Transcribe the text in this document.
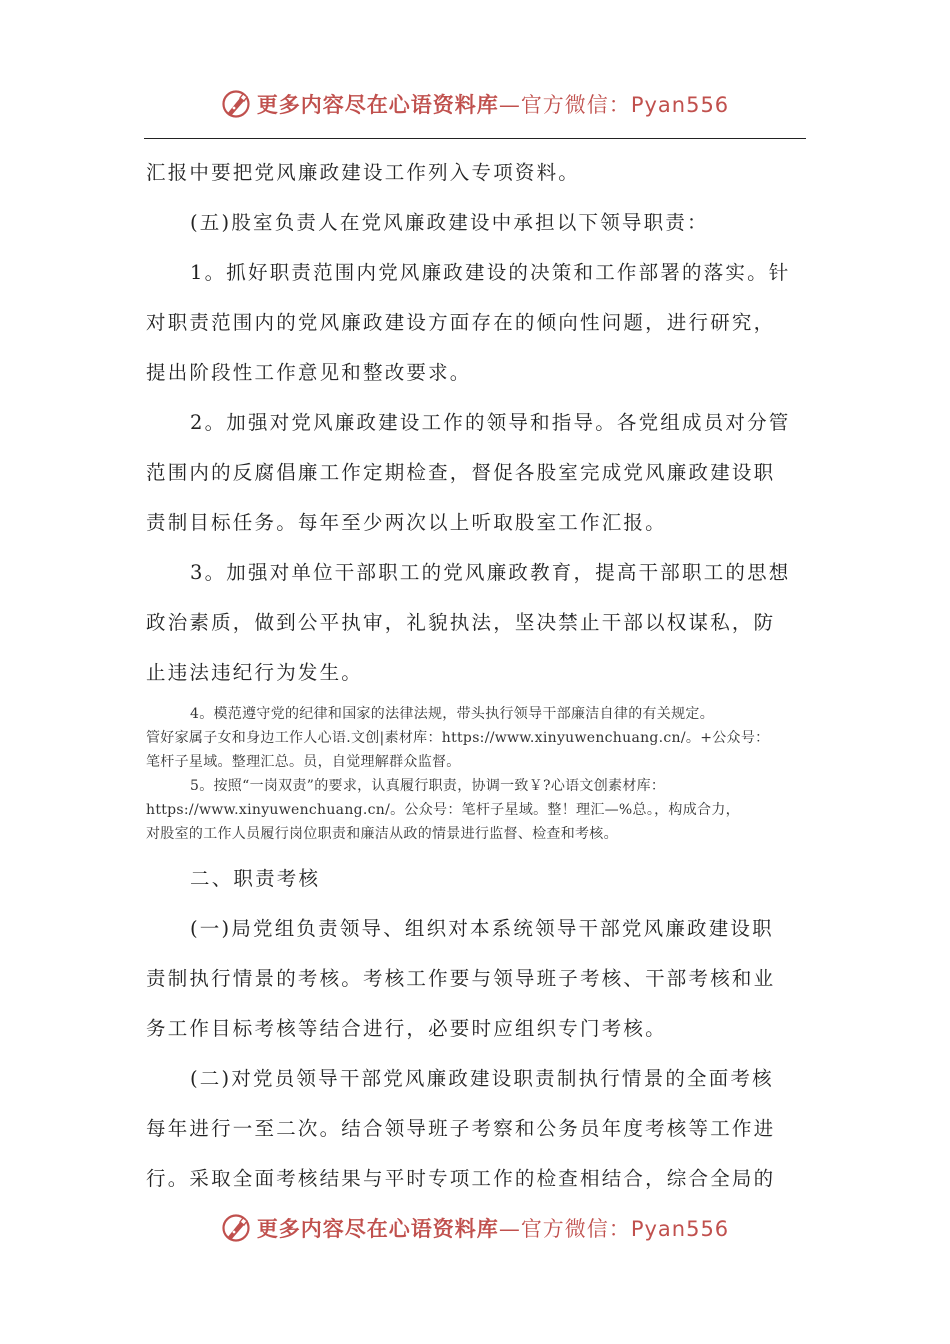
更多内容尽在心语资料库—官方微信：Pyan556

汇报中要把党风廉政建设工作列入专项资料。

(五)股室负责人在党风廉政建设中承担以下领导职责：

1。抓好职责范围内党风廉政建设的决策和工作部署的落实。针

对职责范围内的党风廉政建设方面存在的倾向性问题，进行研究，

提出阶段性工作意见和整改要求。

2。加强对党风廉政建设工作的领导和指导。各党组成员对分管

范围内的反腐倡廉工作定期检查，督促各股室完成党风廉政建设职

责制目标任务。每年至少两次以上听取股室工作汇报。

3。加强对单位干部职工的党风廉政教育，提高干部职工的思想

政治素质，做到公平执审，礼貌执法，坚决禁止干部以权谋私，防

止违法违纪行为发生。

4。模范遵守党的纪律和国家的法律法规，带头执行领导干部廉洁自律的有关规定。

管好家属子女和身边工作人心语.文创|素材库：https://www.xinyuwenchuang.cn/。+公众号：

笔杆子星域。整理汇总。员，自觉理解群众监督。

5。按照“一岗双责”的要求，认真履行职责，协调一致￥?心语文创素材库：

https://www.xinyuwenchuang.cn/。公众号：笔杆子星域。整！理汇—%总。，构成合力，

对股室的工作人员履行岗位职责和廉洁从政的情景进行监督、检查和考核。

二、职责考核

(一)局党组负责领导、组织对本系统领导干部党风廉政建设职

责制执行情景的考核。考核工作要与领导班子考核、干部考核和业

务工作目标考核等结合进行，必要时应组织专门考核。

(二)对党员领导干部党风廉政建设职责制执行情景的全面考核

每年进行一至二次。结合领导班子考察和公务员年度考核等工作进

行。采取全面考核结果与平时专项工作的检查相结合，综合全局的

更多内容尽在心语资料库—官方微信：Pyan556
